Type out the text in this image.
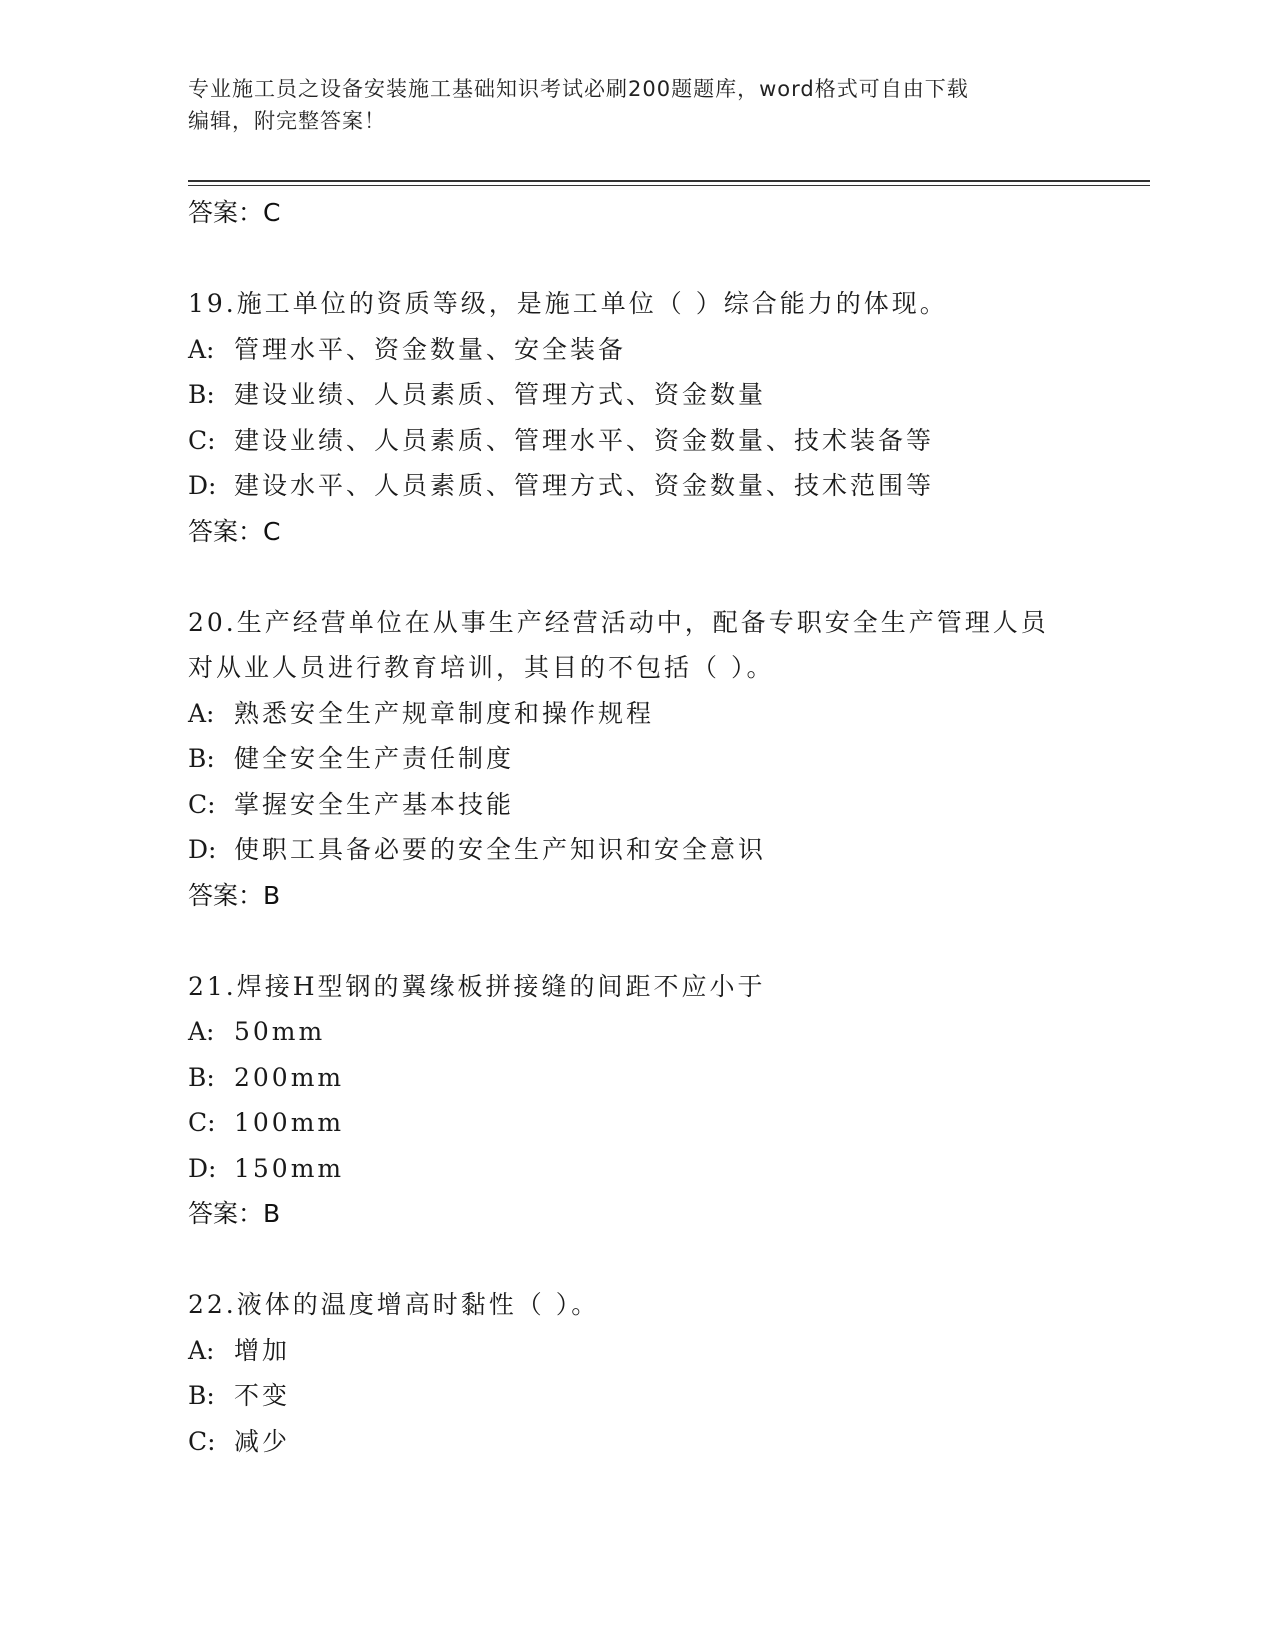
专业施工员之设备安装施工基础知识考试必刷200题题库，word格式可自由下载
编辑，附完整答案！
答案：C
19.施工单位的资质等级，是施工单位（ ）综合能力的体现。
A: 管理水平、资金数量、安全装备
B: 建设业绩、人员素质、管理方式、资金数量
C: 建设业绩、人员素质、管理水平、资金数量、技术装备等
D: 建设水平、人员素质、管理方式、资金数量、技术范围等
答案：C
20.生产经营单位在从事生产经营活动中，配备专职安全生产管理人员
对从业人员进行教育培训，其目的不包括（ ）。
A: 熟悉安全生产规章制度和操作规程
B: 健全安全生产责任制度
C: 掌握安全生产基本技能
D: 使职工具备必要的安全生产知识和安全意识
答案：B
21.焊接H型钢的翼缘板拼接缝的间距不应小于
A: 50mm
B: 200mm
C: 100mm
D: 150mm
答案：B
22.液体的温度增高时黏性（ ）。
A: 增加
B: 不变
C: 减少
